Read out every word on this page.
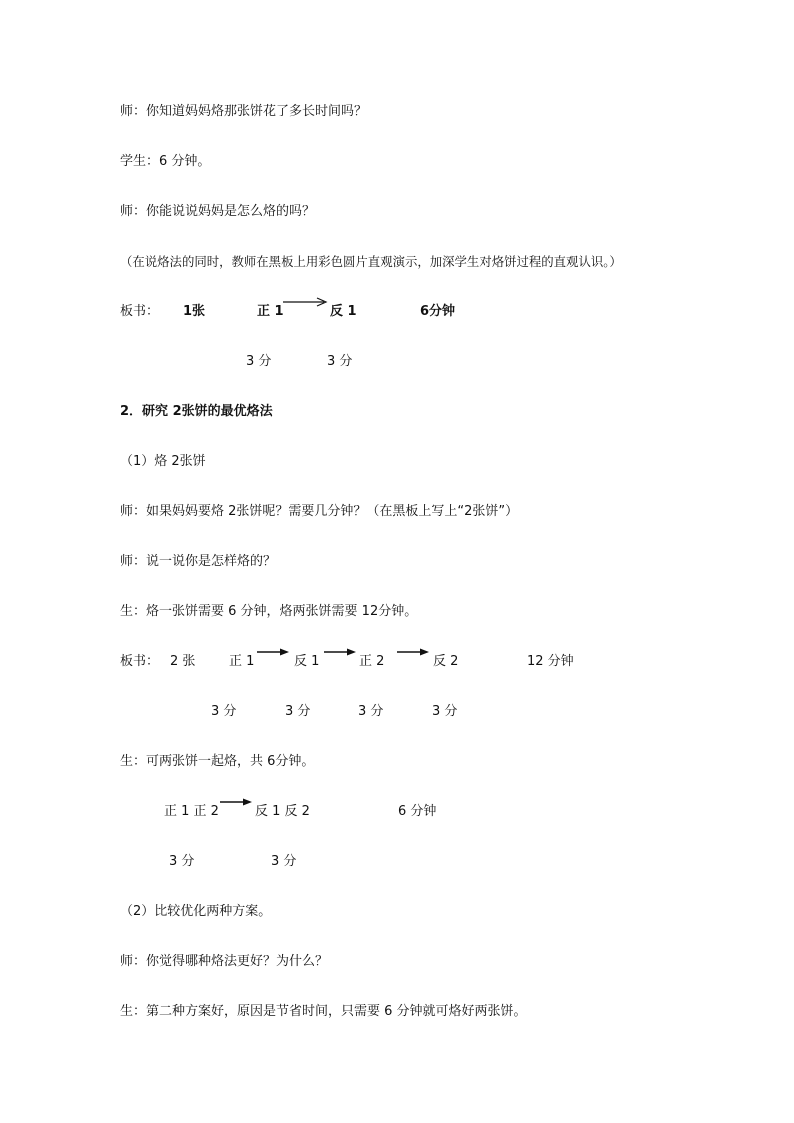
师：你知道妈妈烙那张饼花了多长时间吗？
学生：6 分钟。
师：你能说说妈妈是怎么烙的吗？
（在说烙法的同时，教师在黑板上用彩色圆片直观演示，加深学生对烙饼过程的直观认识。）
板书： 1张	正 1	反 1	6分钟
3 分	3 分
2．研究 2张饼的最优烙法
（1）烙 2张饼
师：如果妈妈要烙 2张饼呢？需要几分钟？（在黑板上写上“2张饼”）
师：说一说你是怎样烙的？
生：烙一张饼需要 6 分钟，烙两张饼需要 12分钟。
板书： 2 张	正 1	反 1	正 2	反 2	12 分钟
3 分	3 分	3 分	3 分
生：可两张饼一起烙，共 6分钟。
正 1 正 2	反 1 反 2	6 分钟
3 分	3 分
（2）比较优化两种方案。
师：你觉得哪种烙法更好？为什么？
生：第二种方案好，原因是节省时间，只需要 6 分钟就可烙好两张饼。
